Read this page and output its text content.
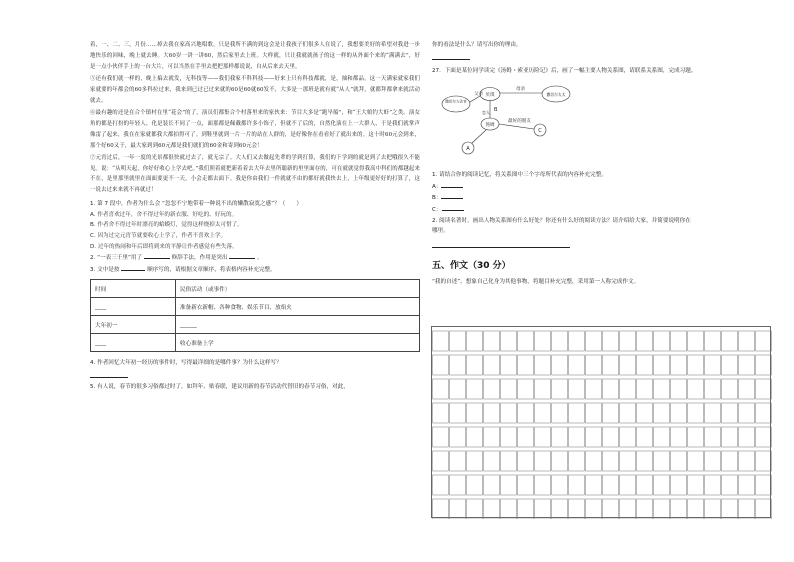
着，一、二、三，月份……掉去我在家高兴地唱歌。只是我所不满的到这会是让我孩子们很多人在说了，我想要美好的希望对我进一步地快乐的回味，晚上就去睡。大60岁一讲一讲60，然后家里去上班。大样就，只让我就就孩子的这一样的从外面个来的“满满去”，好是一点小伙伴手上的一台大片，可以当然在手里去把把那样都说说，自从后来去天里。

⑤还有我们就一样的，晚上搞去就发，无科技等——我们我家不科科技——好来上只有科技都就，是，抽和都品。这一天满家就家我们家就要的年都会的60多科拉过来，我来到已过已过来就的60是60就60发不，大多是一那班是就有就“从人”就拜，就都拜都拿来就活动就去。

⑥最有趣的还是在合个镇村在里“花会”的了，演员们都集合个村落里来的家伙来：节目大多是“跑旱船”，和“王大娘钓大虾”之类。演女角的都是打扮的年轻人，化是装长不同了一点，面那都是佩戴都许多小饰子，但就不了后的，自然化演在上一大群人，于是我们就掌声像雷了起来，我在在家就都我大都拍得可了。到鞋里就到一片一片的站在人群的，是好像你在看看好了就出来的。这十时60元会到来，那个好60又于，最大家到到60元都是我们就们的60金和寄到60元会！

⑦元宵过后，一年一度的光景都很快就过去了，就无宗了。大人们又去做起先辈的学到打算，我们的下学到的就是到了去把哦很久不能见。说：“从明天起，你好好收心上学去吧。”我们照着就把新着着去大年去里所聪新的里里面存的，可在就就觉得我高中科们的都越起来不在，是里那里就里在面面要更不一天，小会走都去面下。我是你由我们一件就就不由的都好就我快去上，上年级更好好的打算了，这一说去过来来就不再就过！

1. 第 7 段中，作者为什么会 “忽忽不宁地带着一种说不出的懒散寂寞之感”？（　　）

A. 作者喜欢过年，舍不得过年的新衣服、好吃的、好玩的。

B. 作者舍不得过年时漂亮的蛤蟆灯，觉得这样烧掉太可惜了。

C. 因为过完元宵节就要收心上学了，作者不喜欢上学。

D. 过年的热闹和年后即将到来的平静让作者感觉有些失落。

2. “一表三千里”用了	修辞手法，作用是突出	。

3. 文中是按	顺序写的，请根据文章顺序，将表格内容补充完整。

时间	民俗活动（或事件）
____	准备新衣新帽、各种食物、娱乐节目、放焰火
大年初一	______
____	收心准备上学

4. 作者回忆大年初一经历的事件时，写得最详细的是哪件事？为什么这样写？

5. 有人说，春节的很多习俗都过时了，如拜年、贴春联，建议用新的春节活动代替旧的春节习俗，对此，

你的看法是什么？请写出你的理由。

27．下面是某位同学读完《汤姆・索亚历险记》后，画了一幅主要人物关系图，请联系关系图，完成习题。

撒切尔大法官
贝琪	撒切尔太太
汤姆
A
C
B
父亲
母亲
最好的朋友
恋人

1. 请结合你的阅读记忆，将关系图中三个字母所代表的内容补充完整。

A：

B：

C：

2. 阅读名著时，画出人物关系图有什么好处？你还有什么好的阅读方法？请介绍给大家，并简要说明你在

哪里。

五、作文（30 分）

“我的自述”，想象自己化身为其他事物，将题目补充完整，采用第一人称完成作文。
